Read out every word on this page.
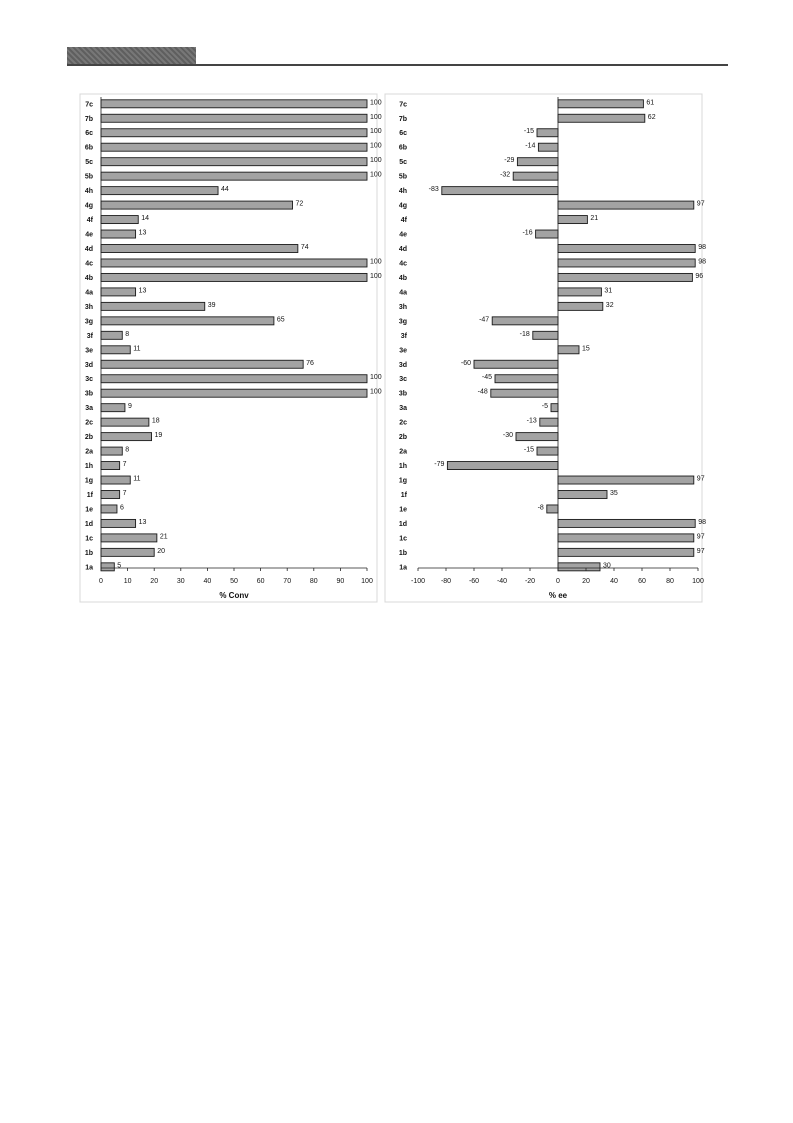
7c	100
7b	100
6c	100
6b	100
5c	100
5b	100
4h	44
4g	72
4f	14
4e	13
4d	74
4c	100
4b	100
4a	13
3h	39
3g	65
3f	8
3e	11
3d	76
3c	100
3b	100
3a	9
2c	18
2b	19
2a	8
1h	7
1g	11
1f	7
1e	6
1d	13
1c	21
1b	20
1a	5
0	10	20	30	40	50	60	70	80	90 100
% Conv
7c	61
7b	62
6c	-15
6b	-14
5c	-29
5b	-32
4h	-83
4g	97
4f	21
4e	-16
4d	98
4c	98
4b	96
4a	31
3h	32
3g	-47
3f	-18
3e	15
3d	-60
3c	-45
3b	-48
3a	-5
2c	-13
2b	-30
2a	-15
1h	-79
1g	97
1f	35
1e	-8
1d	98
1c	97
1b	97
1a	30
-100 -80	-60	-40	-20	0	20	40	60	80	100
% ee
